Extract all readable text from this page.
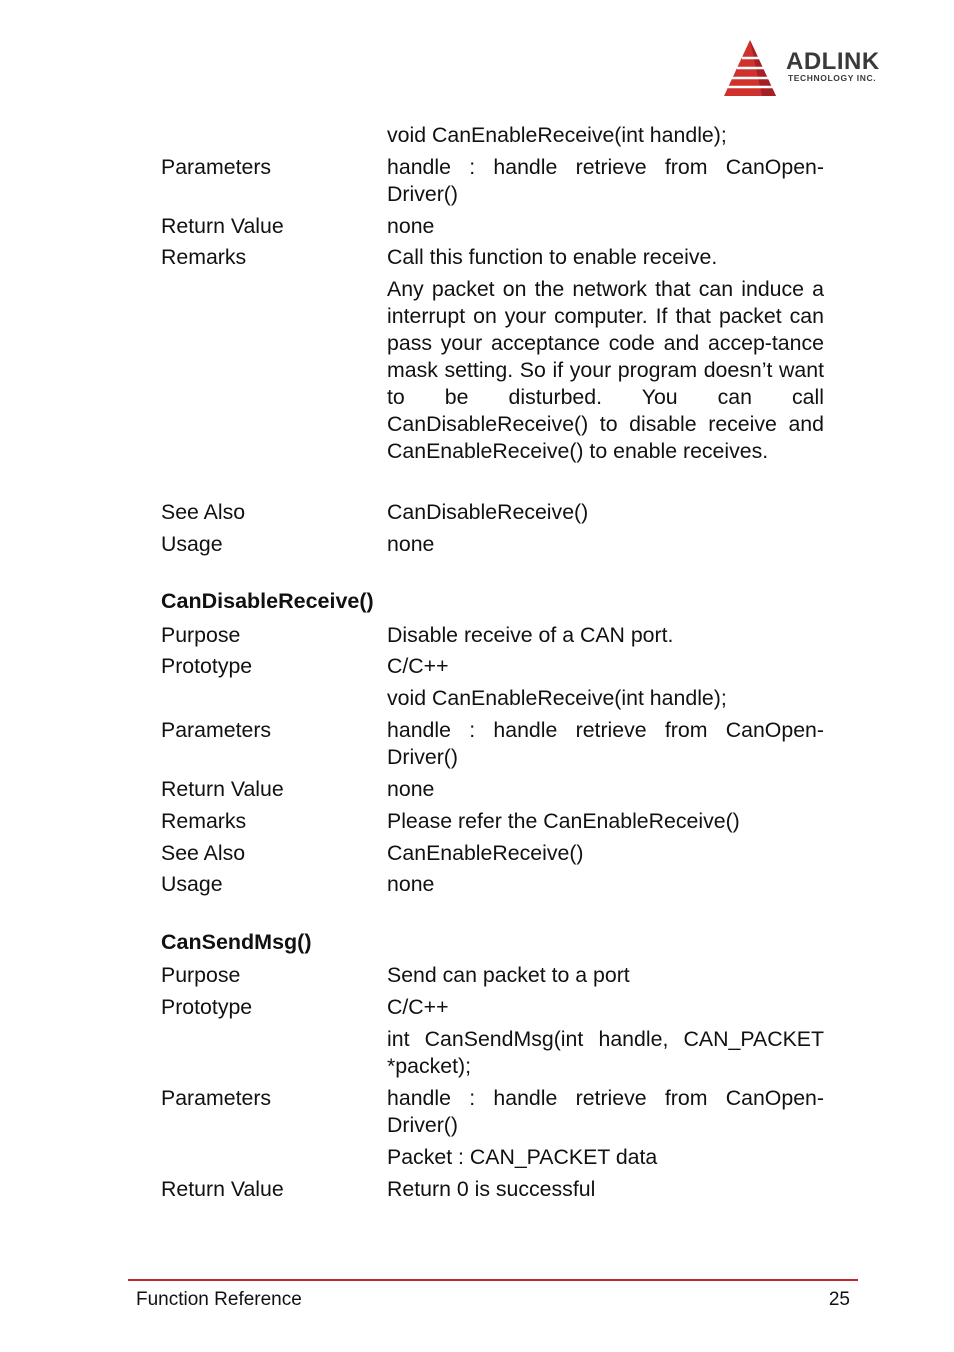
ADLINK
TECHNOLOGY INC.
void CanEnableReceive(int handle);
Parameters	handle : handle retrieve from CanOpen-Driver()
Return Value	none
Remarks	Call this function to enable receive.
Any packet on the network that can induce a interrupt on your computer. If that packet can pass your acceptance code and accep-tance mask setting. So if your program doesn’t want to be disturbed. You can call CanDisableReceive() to disable receive and CanEnableReceive() to enable receives.
See Also	CanDisableReceive()
Usage	none
CanDisableReceive()
Purpose	Disable receive of a CAN port.
Prototype	C/C++
void CanEnableReceive(int handle);
Parameters	handle : handle retrieve from CanOpen-Driver()
Return Value	none
Remarks	Please refer the CanEnableReceive()
See Also	CanEnableReceive()
Usage	none
CanSendMsg()
Purpose	Send can packet to a port
Prototype	C/C++
int CanSendMsg(int handle, CAN_PACKET *packet);
Parameters	handle : handle retrieve from CanOpen-Driver()
Packet : CAN_PACKET data
Return Value	Return 0 is successful
Function Reference	25
